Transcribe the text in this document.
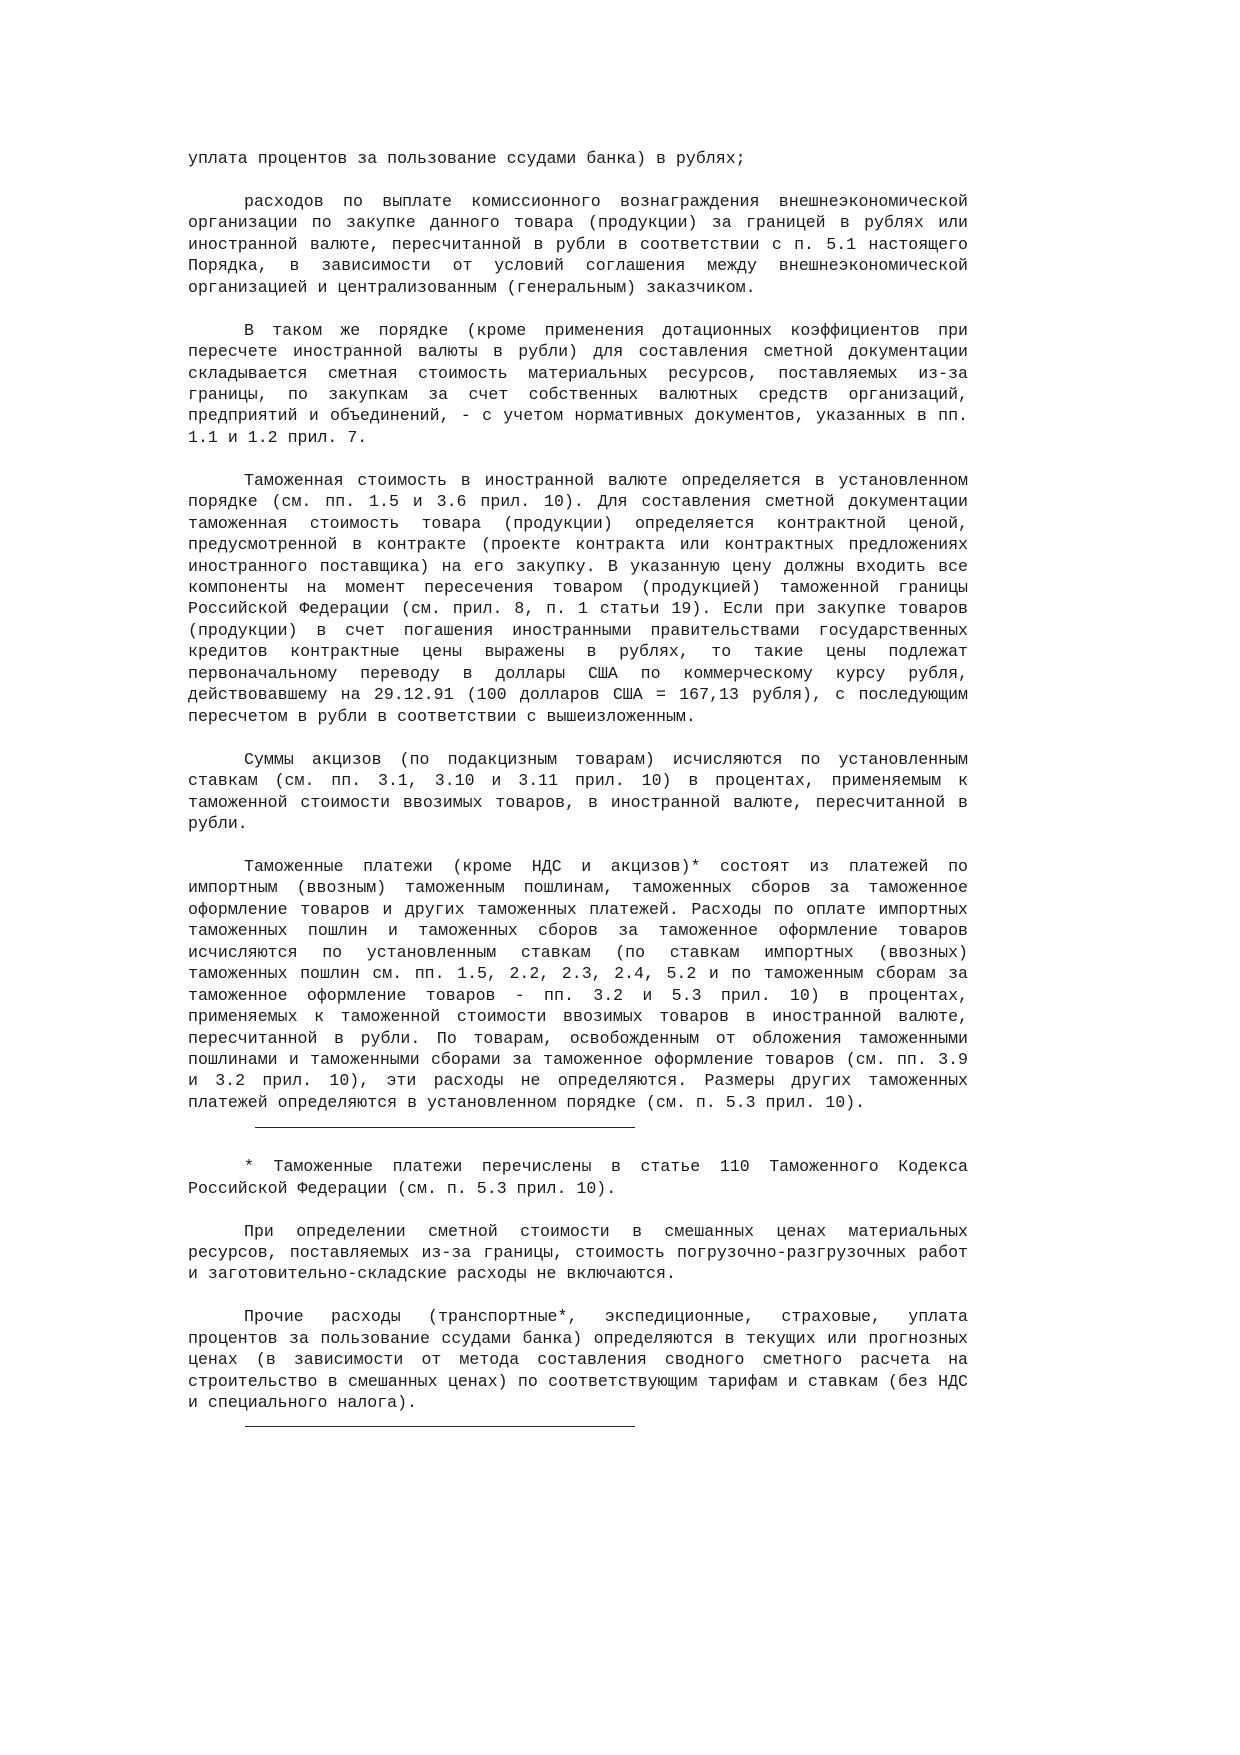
уплата процентов за пользование ссудами банка) в рублях;

расходов по выплате комиссионного вознаграждения внешнеэкономической организации по закупке данного товара (продукции) за границей в рублях или иностранной валюте, пересчитанной в рубли в соответствии с п. 5.1 настоящего Порядка, в зависимости от условий соглашения между внешнеэкономической организацией и централизованным (генеральным) заказчиком.

В таком же порядке (кроме применения дотационных коэффициентов при пересчете иностранной валюты в рубли) для составления сметной документации складывается сметная стоимость материальных ресурсов, поставляемых из-за границы, по закупкам за счет собственных валютных средств организаций, предприятий и объединений, - с учетом нормативных документов, указанных в пп. 1.1 и 1.2 прил. 7.

Таможенная стоимость в иностранной валюте определяется в установленном порядке (см. пп. 1.5 и 3.6 прил. 10). Для составления сметной документации таможенная стоимость товара (продукции) определяется контрактной ценой, предусмотренной в контракте (проекте контракта или контрактных предложениях иностранного поставщика) на его закупку. В указанную цену должны входить все компоненты на момент пересечения товаром (продукцией) таможенной границы Российской Федерации (см. прил. 8, п. 1 статьи 19). Если при закупке товаров (продукции) в счет погашения иностранными правительствами государственных кредитов контрактные цены выражены в рублях, то такие цены подлежат первоначальному переводу в доллары США по коммерческому курсу рубля, действовавшему на 29.12.91 (100 долларов США = 167,13 рубля), с последующим пересчетом в рубли в соответствии с вышеизложенным.

Суммы акцизов (по подакцизным товарам) исчисляются по установленным ставкам (см. пп. 3.1, 3.10 и 3.11 прил. 10) в процентах, применяемым к таможенной стоимости ввозимых товаров, в иностранной валюте, пересчитанной в рубли.

Таможенные платежи (кроме НДС и акцизов)* состоят из платежей по импортным (ввозным) таможенным пошлинам, таможенных сборов за таможенное оформление товаров и других таможенных платежей. Расходы по оплате импортных таможенных пошлин и таможенных сборов за таможенное оформление товаров исчисляются по установленным ставкам (по ставкам импортных (ввозных) таможенных пошлин см. пп. 1.5, 2.2, 2.3, 2.4, 5.2 и по таможенным сборам за таможенное оформление товаров - пп. 3.2 и 5.3 прил. 10) в процентах, применяемых к таможенной стоимости ввозимых товаров в иностранной валюте, пересчитанной в рубли. По товарам, освобожденным от обложения таможенными пошлинами и таможенными сборами за таможенное оформление товаров (см. пп. 3.9 и 3.2 прил. 10), эти расходы не определяются. Размеры других таможенных платежей определяются в установленном порядке (см. п. 5.3 прил. 10).

* Таможенные платежи перечислены в статье 110 Таможенного Кодекса Российской Федерации (см. п. 5.3 прил. 10).

При определении сметной стоимости в смешанных ценах материальных ресурсов, поставляемых из-за границы, стоимость погрузочно-разгрузочных работ и заготовительно-складские расходы не включаются.

Прочие расходы (транспортные*, экспедиционные, страховые, уплата процентов за пользование ссудами банка) определяются в текущих или прогнозных ценах (в зависимости от метода составления сводного сметного расчета на строительство в смешанных ценах) по соответствующим тарифам и ставкам (без НДС и специального налога).
